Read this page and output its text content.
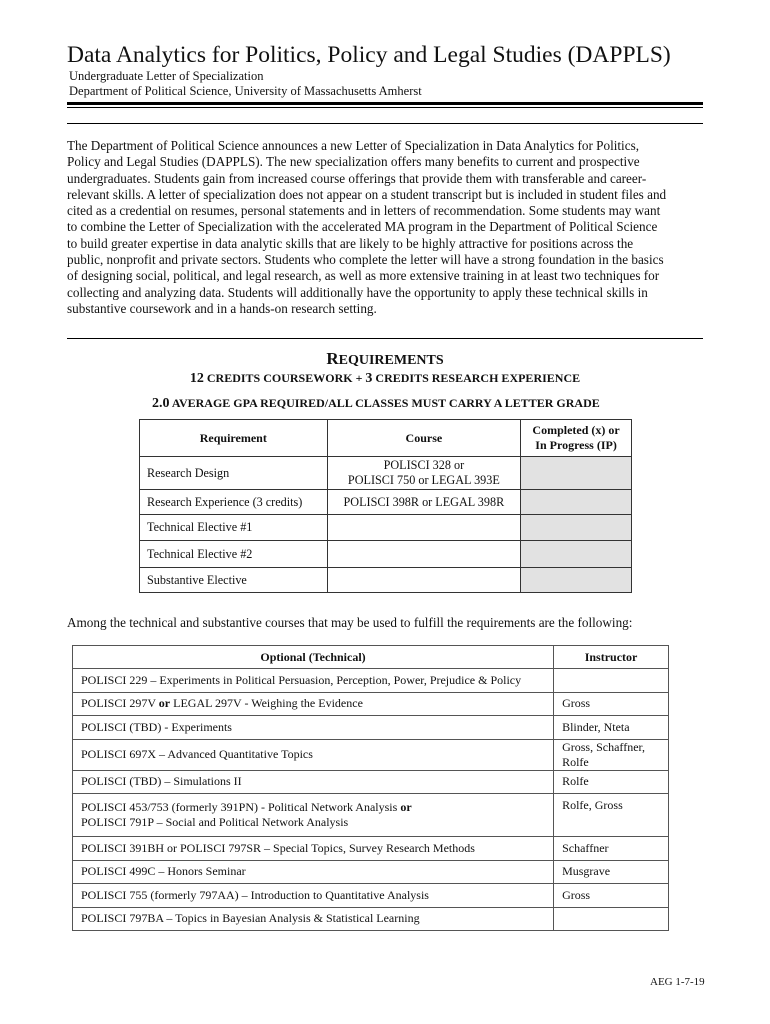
Data Analytics for Politics, Policy and Legal Studies (DAPPLS)
Undergraduate Letter of Specialization
Department of Political Science, University of Massachusetts Amherst
The Department of Political Science announces a new Letter of Specialization in Data Analytics for Politics,
Policy and Legal Studies (DAPPLS). The new specialization offers many benefits to current and prospective
undergraduates. Students gain from increased course offerings that provide them with transferable and career-
relevant skills. A letter of specialization does not appear on a student transcript but is included in student files and
cited as a credential on resumes, personal statements and in letters of recommendation. Some students may want
to combine the Letter of Specialization with the accelerated MA program in the Department of Political Science
to build greater expertise in data analytic skills that are likely to be highly attractive for positions across the
public, nonprofit and private sectors. Students who complete the letter will have a strong foundation in the basics
of designing social, political, and legal research, as well as more extensive training in at least two techniques for
collecting and analyzing data. Students will additionally have the opportunity to apply these technical skills in
substantive coursework and in a hands-on research setting.
REQUIREMENTS
12 CREDITS COURSEWORK + 3 CREDITS RESEARCH EXPERIENCE
2.0 AVERAGE GPA REQUIRED/ALL CLASSES MUST CARRY A LETTER GRADE
Requirement	Course	Completed (x) or
In Progress (IP)
Research Design	POLISCI 328 or
POLISCI 750 or LEGAL 393E	
Research Experience (3 credits)	POLISCI 398R or LEGAL 398R	
Technical Elective #1		
Technical Elective #2		
Substantive Elective		
Among the technical and substantive courses that may be used to fulfill the requirements are the following:
Optional (Technical)	Instructor
POLISCI 229 – Experiments in Political Persuasion, Perception, Power, Prejudice & Policy	
POLISCI 297V or LEGAL 297V - Weighing the Evidence	Gross
POLISCI (TBD) - Experiments	Blinder, Nteta
POLISCI 697X – Advanced Quantitative Topics	Gross, Schaffner, Rolfe
POLISCI (TBD) – Simulations II	Rolfe
POLISCI 453/753 (formerly 391PN) - Political Network Analysis or
POLISCI 791P – Social and Political Network Analysis	Rolfe, Gross
POLISCI 391BH or POLISCI 797SR – Special Topics, Survey Research Methods	Schaffner
POLISCI 499C – Honors Seminar	Musgrave
POLISCI 755 (formerly 797AA) – Introduction to Quantitative Analysis	Gross
POLISCI 797BA – Topics in Bayesian Analysis & Statistical Learning	
AEG 1-7-19
